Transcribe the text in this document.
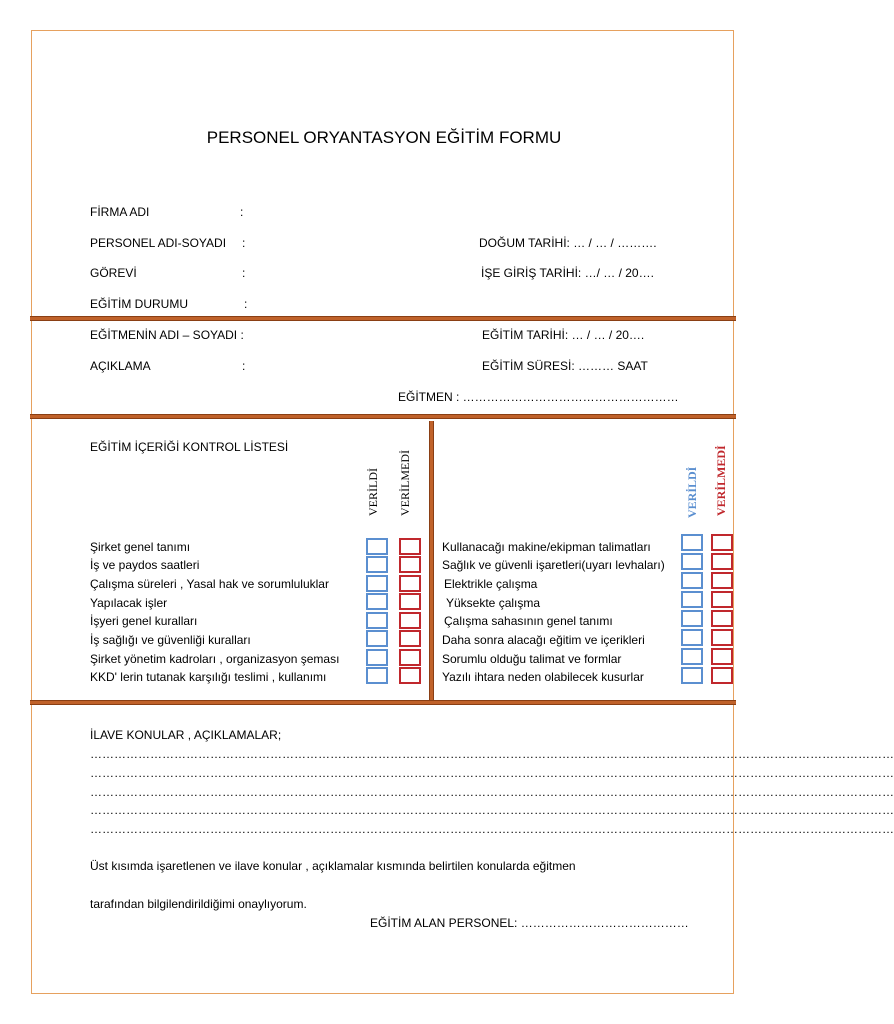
PERSONEL ORYANTASYON EĞİTİM FORMU
FİRMA ADI	:
PERSONEL ADI-SOYADI :	DOĞUM TARİHİ: … / … / ……….
GÖREVİ	:	İŞE GİRİŞ TARİHİ: …/ … / 20….
EĞİTİM DURUMU	:
EĞİTMENİN ADI – SOYADI :	EĞİTİM TARİHİ: … / … / 20….
AÇIKLAMA	:	EĞİTİM SÜRESİ: ……… SAAT
EĞİTMEN : ………………………………………………
EĞİTİM İÇERİĞİ KONTROL LİSTESİ
VERİLDİ VERİLMEDİ	VERİLDİ VERİLMEDİ
Şirket genel tanımı
İş ve paydos saatleri
Çalışma süreleri , Yasal hak ve sorumluluklar
Yapılacak işler
İşyeri genel kuralları
İş sağlığı ve güvenliği kuralları
Şirket yönetim kadroları , organizasyon şeması
KKD' lerin tutanak karşılığı teslimi , kullanımı
Kullanacağı makine/ekipman talimatları
Sağlık ve güvenli işaretleri(uyarı levhaları)
Elektrikle çalışma
Yüksekte çalışma
Çalışma sahasının genel tanımı
Daha sonra alacağı eğitim ve içerikleri
Sorumlu olduğu talimat ve formlar
Yazılı ihtara neden olabilecek kusurlar
İLAVE KONULAR , AÇIKLAMALAR;
…………………………………………………………………………………………………………………………………………………………………………………
…………………………………………………………………………………………………………………………………………………………………………………
…………………………………………………………………………………………………………………………………………………………………………………
…………………………………………………………………………………………………………………………………………………………………………………
…………………………………………………………………………………………………………………………………………………………………………………
Üst kısımda işaretlenen ve ilave konular , açıklamalar kısmında belirtilen konularda eğitmen
tarafından bilgilendirildiğimi onaylıyorum.
EĞİTİM ALAN PERSONEL: ……………………………………
